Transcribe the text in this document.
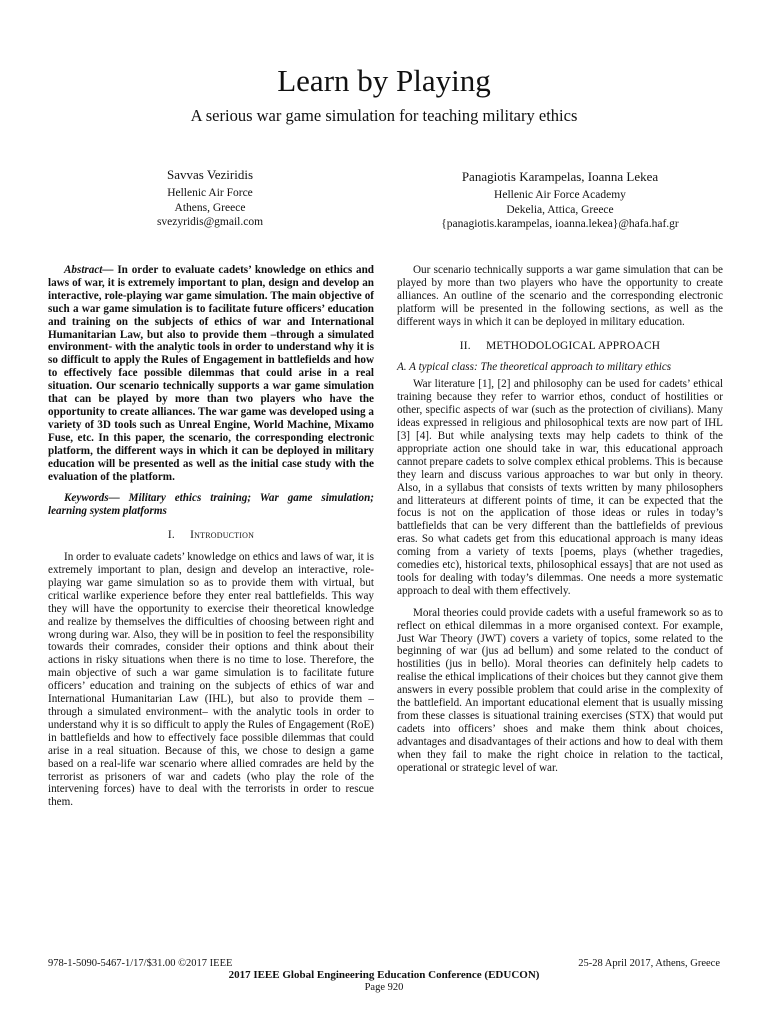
Learn by Playing
A serious war game simulation for teaching military ethics
Savvas Veziridis
Hellenic Air Force
Athens, Greece
svezyridis@gmail.com
Panagiotis Karampelas, Ioanna Lekea
Hellenic Air Force Academy
Dekelia, Attica, Greece
{panagiotis.karampelas, ioanna.lekea}@hafa.haf.gr

Abstract— In order to evaluate cadets’ knowledge on ethics and laws of war, it is extremely important to plan, design and develop an interactive, role-playing war game simulation. The main objective of such a war game simulation is to facilitate future officers’ education and training on the subjects of ethics of war and International Humanitarian Law, but also to provide them –through a simulated environment- with the analytic tools in order to understand why it is so difficult to apply the Rules of Engagement in battlefields and how to effectively face possible dilemmas that could arise in a real situation. Our scenario technically supports a war game simulation that can be played by more than two players who have the opportunity to create alliances. The war game was developed using a variety of 3D tools such as Unreal Engine, World Machine, Mixamo Fuse, etc. In this paper, the scenario, the corresponding electronic platform, the different ways in which it can be deployed in military education will be presented as well as the initial case study with the evaluation of the platform.

Keywords— Military ethics training; War game simulation; learning system platforms

I. Introduction

In order to evaluate cadets’ knowledge on ethics and laws of war, it is extremely important to plan, design and develop an interactive, role-playing war game simulation so as to provide them with virtual, but critical warlike experience before they enter real battlefields. This way they will have the opportunity to exercise their theoretical knowledge and realize by themselves the difficulties of choosing between right and wrong during war. Also, they will be in position to feel the responsibility towards their comrades, consider their options and think about their actions in risky situations when there is no time to lose. Therefore, the main objective of such a war game simulation is to facilitate future officers’ education and training on the subjects of ethics of war and International Humanitarian Law (IHL), but also to provide them –through a simulated environment– with the analytic tools in order to understand why it is so difficult to apply the Rules of Engagement (RoE) in battlefields and how to effectively face possible dilemmas that could arise in a real situation. Because of this, we chose to design a game based on a real-life war scenario where allied comrades are held by the terrorist as prisoners of war and cadets (who play the role of the intervening forces) have to deal with the terrorists in order to rescue them.

Our scenario technically supports a war game simulation that can be played by more than two players who have the opportunity to create alliances. An outline of the scenario and the corresponding electronic platform will be presented in the following sections, as well as the different ways in which it can be deployed in military education.

II. METHODOLOGICAL APPROACH
A. A typical class: The theoretical approach to military ethics

War literature [1], [2] and philosophy can be used for cadets’ ethical training because they refer to warrior ethos, conduct of hostilities or other, specific aspects of war (such as the protection of civilians). Many ideas expressed in religious and philosophical texts are now part of IHL [3] [4]. But while analysing texts may help cadets to think of the appropriate action one should take in war, this educational approach cannot prepare cadets to solve complex ethical problems. This is because they learn and discuss various approaches to war but only in theory. Also, in a syllabus that consists of texts written by many philosophers and litterateurs at different points of time, it can be expected that the focus is not on the application of those ideas or rules in today’s battlefields that can be very different than the battlefields of previous eras. So what cadets get from this educational approach is many ideas coming from a variety of texts [poems, plays (whether tragedies, comedies etc), historical texts, philosophical essays] that are not used as tools for dealing with today’s dilemmas. One needs a more systematic approach to deal with them effectively.

Moral theories could provide cadets with a useful framework so as to reflect on ethical dilemmas in a more organised context. For example, Just War Theory (JWT) covers a variety of topics, some related to the beginning of war (jus ad bellum) and some related to the conduct of hostilities (jus in bello). Moral theories can definitely help cadets to realise the ethical implications of their choices but they cannot give them answers in every possible problem that could arise in the complexity of the battlefield. An important educational element that is usually missing from these classes is situational training exercises (STX) that would put cadets into officers’ shoes and make them think about choices, advantages and disadvantages of their actions and how to deal with them when they fail to make the right choice in relation to the tactical, operational or strategic level of war.

978-1-5090-5467-1/17/$31.00 ©2017 IEEE	25-28 April 2017, Athens, Greece
2017 IEEE Global Engineering Education Conference (EDUCON)
Page 920
